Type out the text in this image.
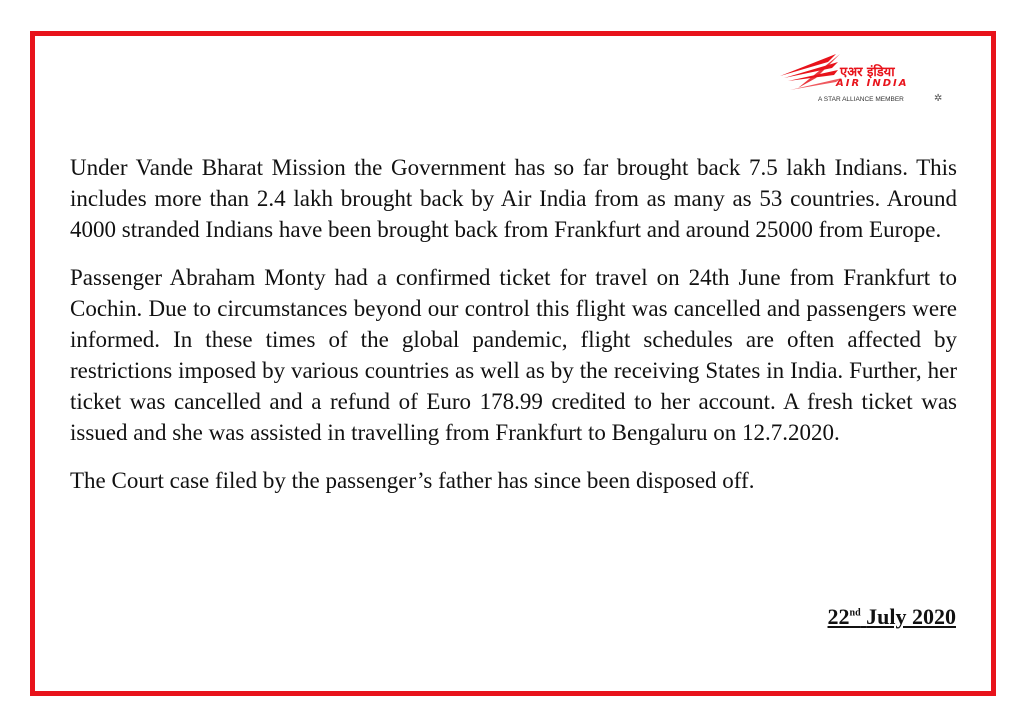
एअर इंडिया
AIR INDIA
A STAR ALLIANCE MEMBER	✲

Under Vande Bharat Mission the Government has so far brought back 7.5 lakh Indians. This includes more than 2.4 lakh brought back by Air India from as many as 53 countries. Around 4000 stranded Indians have been brought back from Frankfurt and around 25000 from Europe.

Passenger Abraham Monty had a confirmed ticket for travel on 24th June from Frankfurt to Cochin. Due to circumstances beyond our control this flight was cancelled and passengers were informed. In these times of the global pandemic, flight schedules are often affected by restrictions imposed by various countries as well as by the receiving States in India. Further, her ticket was cancelled and a refund of Euro 178.99 credited to her account. A fresh ticket was issued and she was assisted in travelling from Frankfurt to Bengaluru on 12.7.2020.

The Court case filed by the passenger’s father has since been disposed off.

22nd July 2020
